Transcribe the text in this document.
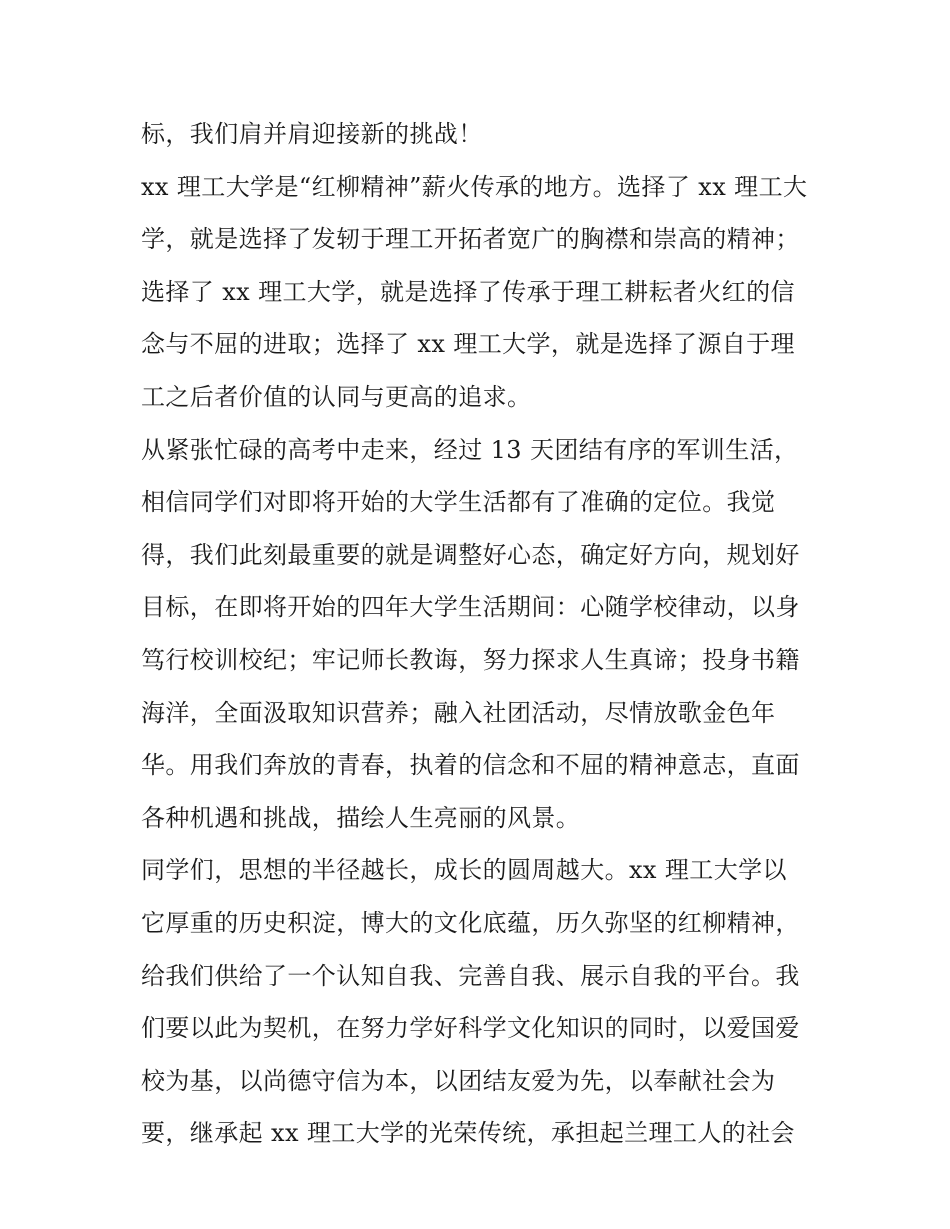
标，我们肩并肩迎接新的挑战！
xx 理工大学是“红柳精神”薪火传承的地方。选择了 xx 理工大
学，就是选择了发轫于理工开拓者宽广的胸襟和崇高的精神；
选择了 xx 理工大学，就是选择了传承于理工耕耘者火红的信
念与不屈的进取；选择了 xx 理工大学，就是选择了源自于理
工之后者价值的认同与更高的追求。
从紧张忙碌的高考中走来，经过 13 天团结有序的军训生活，
相信同学们对即将开始的大学生活都有了准确的定位。我觉
得，我们此刻最重要的就是调整好心态，确定好方向，规划好
目标，在即将开始的四年大学生活期间：心随学校律动，以身
笃行校训校纪；牢记师长教诲，努力探求人生真谛；投身书籍
海洋，全面汲取知识营养；融入社团活动，尽情放歌金色年
华。用我们奔放的青春，执着的信念和不屈的精神意志，直面
各种机遇和挑战，描绘人生亮丽的风景。
同学们，思想的半径越长，成长的圆周越大。xx 理工大学以
它厚重的历史积淀，博大的文化底蕴，历久弥坚的红柳精神，
给我们供给了一个认知自我、完善自我、展示自我的平台。我
们要以此为契机，在努力学好科学文化知识的同时，以爱国爱
校为基，以尚德守信为本，以团结友爱为先，以奉献社会为
要，继承起 xx 理工大学的光荣传统，承担起兰理工人的社会
